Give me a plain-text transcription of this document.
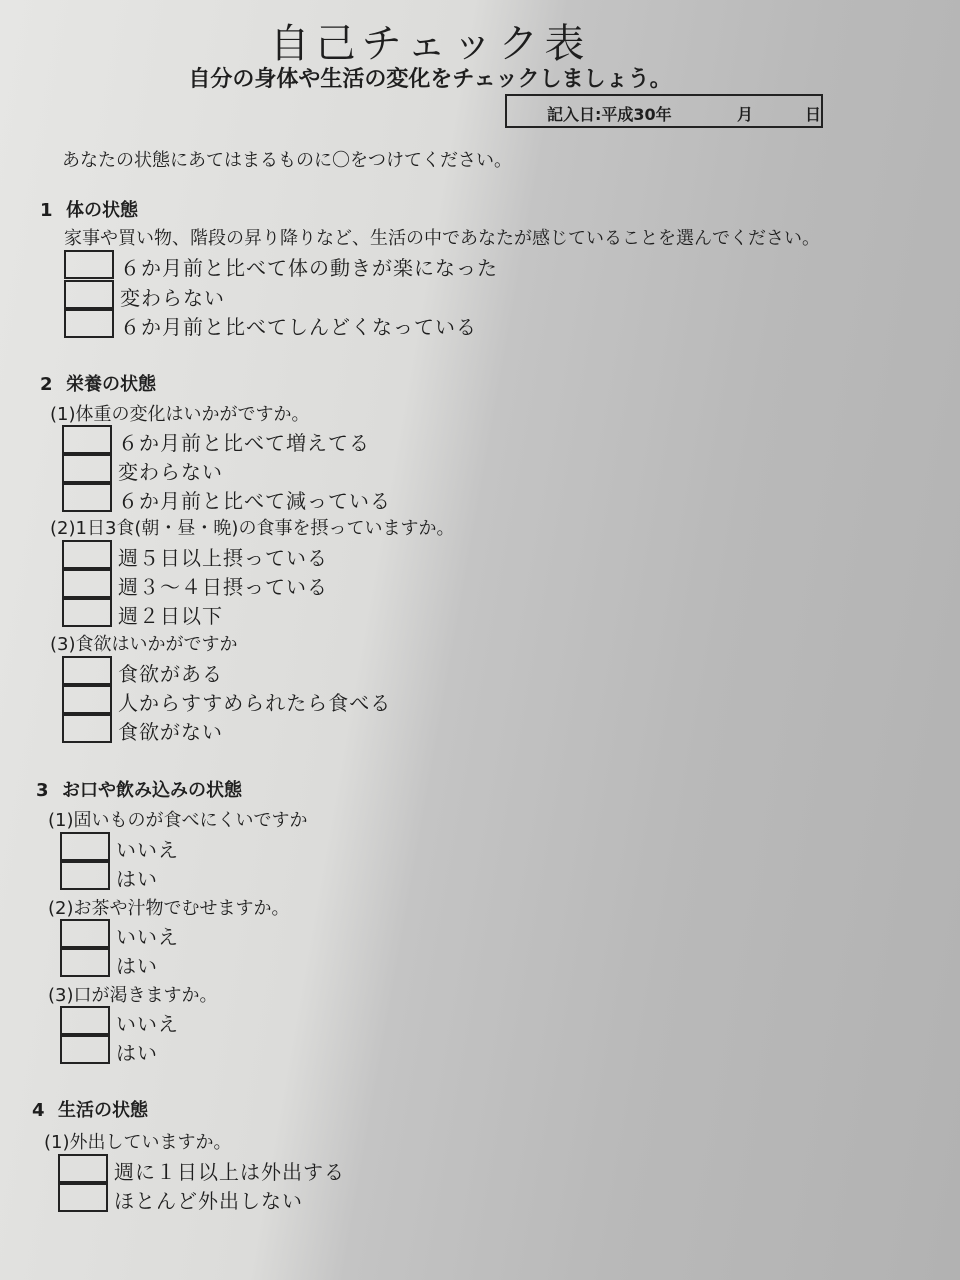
自己チェック表
自分の身体や生活の変化をチェックしましょう。
記入日:平成30年	月	日
あなたの状態にあてはまるものに〇をつけてください。
1 体の状態
家事や買い物、階段の昇り降りなど、生活の中であなたが感じていることを選んでください。
６か月前と比べて体の動きが楽になった
変わらない
６か月前と比べてしんどくなっている
2 栄養の状態
(1)体重の変化はいかがですか。
６か月前と比べて増えてる
変わらない
６か月前と比べて減っている
(2)1日3食(朝・昼・晩)の食事を摂っていますか。
週５日以上摂っている
週３～４日摂っている
週２日以下
(3)食欲はいかがですか
食欲がある
人からすすめられたら食べる
食欲がない
3 お口や飲み込みの状態
(1)固いものが食べにくいですか
いいえ
はい
(2)お茶や汁物でむせますか。
いいえ
はい
(3)口が渇きますか。
いいえ
はい
4 生活の状態
(1)外出していますか。
週に１日以上は外出する
ほとんど外出しない
